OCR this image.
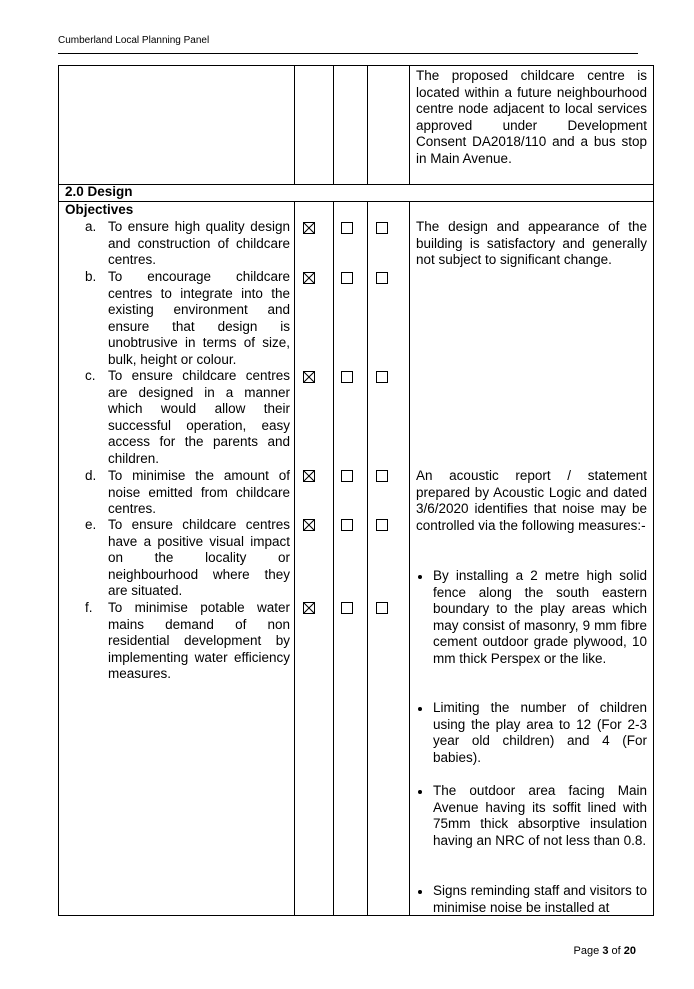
Cumberland Local Planning Panel
The proposed childcare centre is located within a future neighbourhood centre node adjacent to local services approved under Development Consent DA2018/110 and a bus stop in Main Avenue.
2.0 Design
Objectives
a. To ensure high quality design and construction of childcare centres.
b. To encourage childcare centres to integrate into the existing environment and ensure that design is unobtrusive in terms of size, bulk, height or colour.
c. To ensure childcare centres are designed in a manner which would allow their successful operation, easy access for the parents and children.
d. To minimise the amount of noise emitted from childcare centres.
e. To ensure childcare centres have a positive visual impact on the locality or neighbourhood where they are situated.
f.	To minimise potable water mains demand of non residential development by implementing water efficiency measures.
The design and appearance of the building is satisfactory and generally not subject to significant change.
An acoustic report / statement prepared by Acoustic Logic and dated 3/6/2020 identifies that noise may be controlled via the following measures:-
By installing a 2 metre high solid fence along the south eastern boundary to the play areas which may consist of masonry, 9 mm fibre cement outdoor grade plywood, 10 mm thick Perspex or the like.
Limiting the number of children using the play area to 12 (For 2-3 year old children) and 4 (For babies).
The outdoor area facing Main Avenue having its soffit lined with 75mm thick absorptive insulation having an NRC of not less than 0.8.
Signs reminding staff and visitors to minimise noise be installed at
Page 3 of 20
